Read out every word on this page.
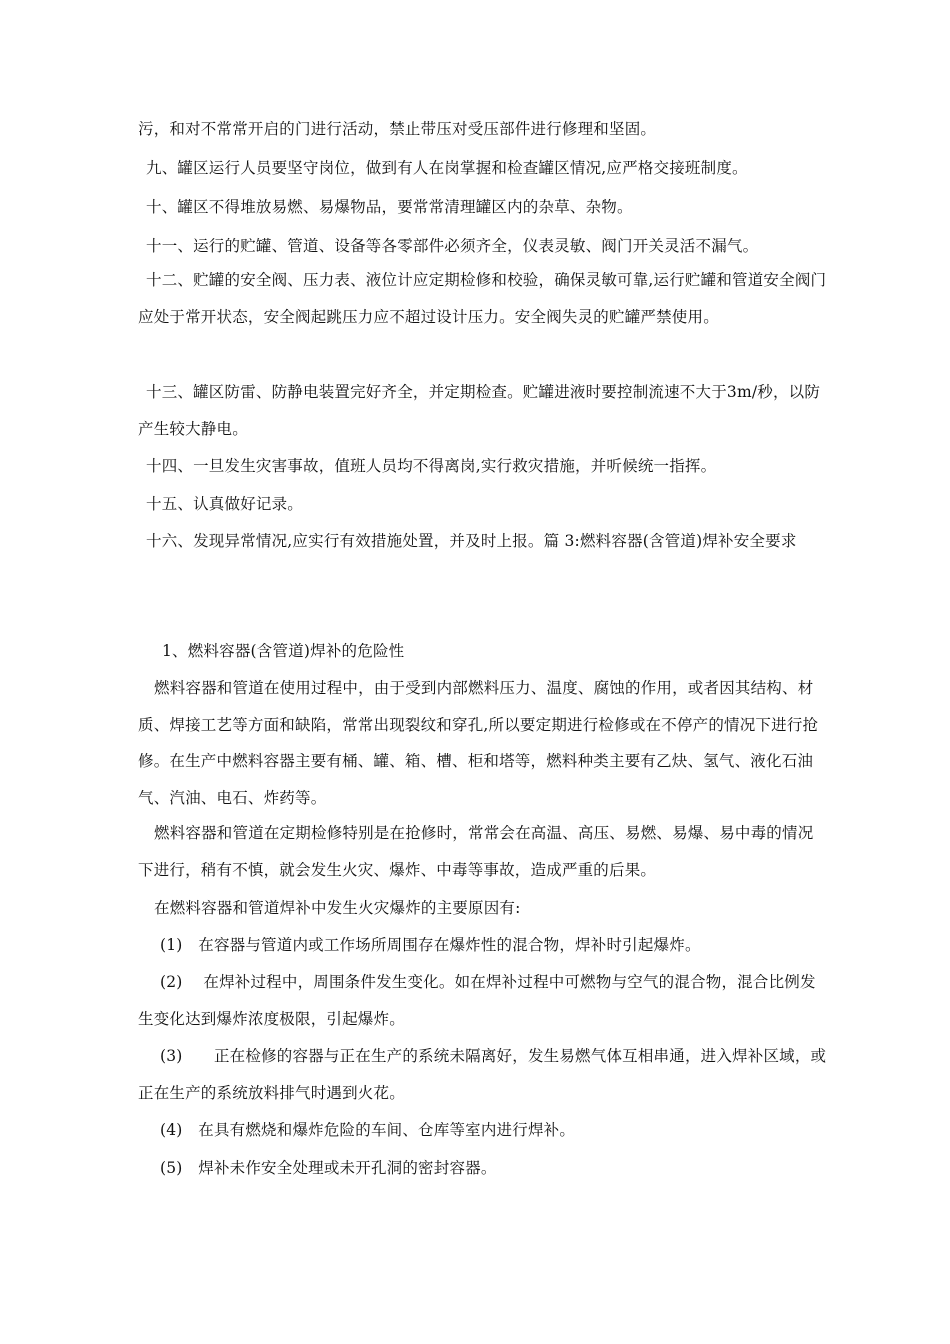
污，和对不常常开启的门进行活动，禁止带压对受压部件进行修理和坚固。

九、罐区运行人员要坚守岗位，做到有人在岗掌握和检查罐区情况,应严格交接班制度。

十、罐区不得堆放易燃、易爆物品，要常常清理罐区内的杂草、杂物。

十一、运行的贮罐、管道、设备等各零部件必须齐全，仪表灵敏、阀门开关灵活不漏气。

十二、贮罐的安全阀、压力表、液位计应定期检修和校验，确保灵敏可靠,运行贮罐和管道安全阀门应处于常开状态，安全阀起跳压力应不超过设计压力。安全阀失灵的贮罐严禁使用。

十三、罐区防雷、防静电装置完好齐全，并定期检查。贮罐进液时要控制流速不大于3m/秒，以防产生较大静电。

十四、一旦发生灾害事故，值班人员均不得离岗,实行救灾措施，并听候统一指挥。

十五、认真做好记录。

十六、发现异常情况,应实行有效措施处置，并及时上报。篇 3:燃料容器(含管道)焊补安全要求

1、燃料容器(含管道)焊补的危险性

燃料容器和管道在使用过程中，由于受到内部燃料压力、温度、腐蚀的作用，或者因其结构、材质、焊接工艺等方面和缺陷，常常出现裂纹和穿孔,所以要定期进行检修或在不停产的情况下进行抢修。在生产中燃料容器主要有桶、罐、箱、槽、柜和塔等，燃料种类主要有乙炔、氢气、液化石油气、汽油、电石、炸药等。

燃料容器和管道在定期检修特别是在抢修时，常常会在高温、高压、易燃、易爆、易中毒的情况下进行，稍有不慎，就会发生火灾、爆炸、中毒等事故，造成严重的后果。

在燃料容器和管道焊补中发生火灾爆炸的主要原因有:

(1)　在容器与管道内或工作场所周围存在爆炸性的混合物，焊补时引起爆炸。

(2)　 在焊补过程中，周围条件发生变化。如在焊补过程中可燃物与空气的混合物，混合比例发生变化达到爆炸浓度极限，引起爆炸。

(3)　　正在检修的容器与正在生产的系统未隔离好，发生易燃气体互相串通，进入焊补区域，或正在生产的系统放料排气时遇到火花。

(4)　在具有燃烧和爆炸危险的车间、仓库等室内进行焊补。

(5)　焊补未作安全处理或未开孔洞的密封容器。
